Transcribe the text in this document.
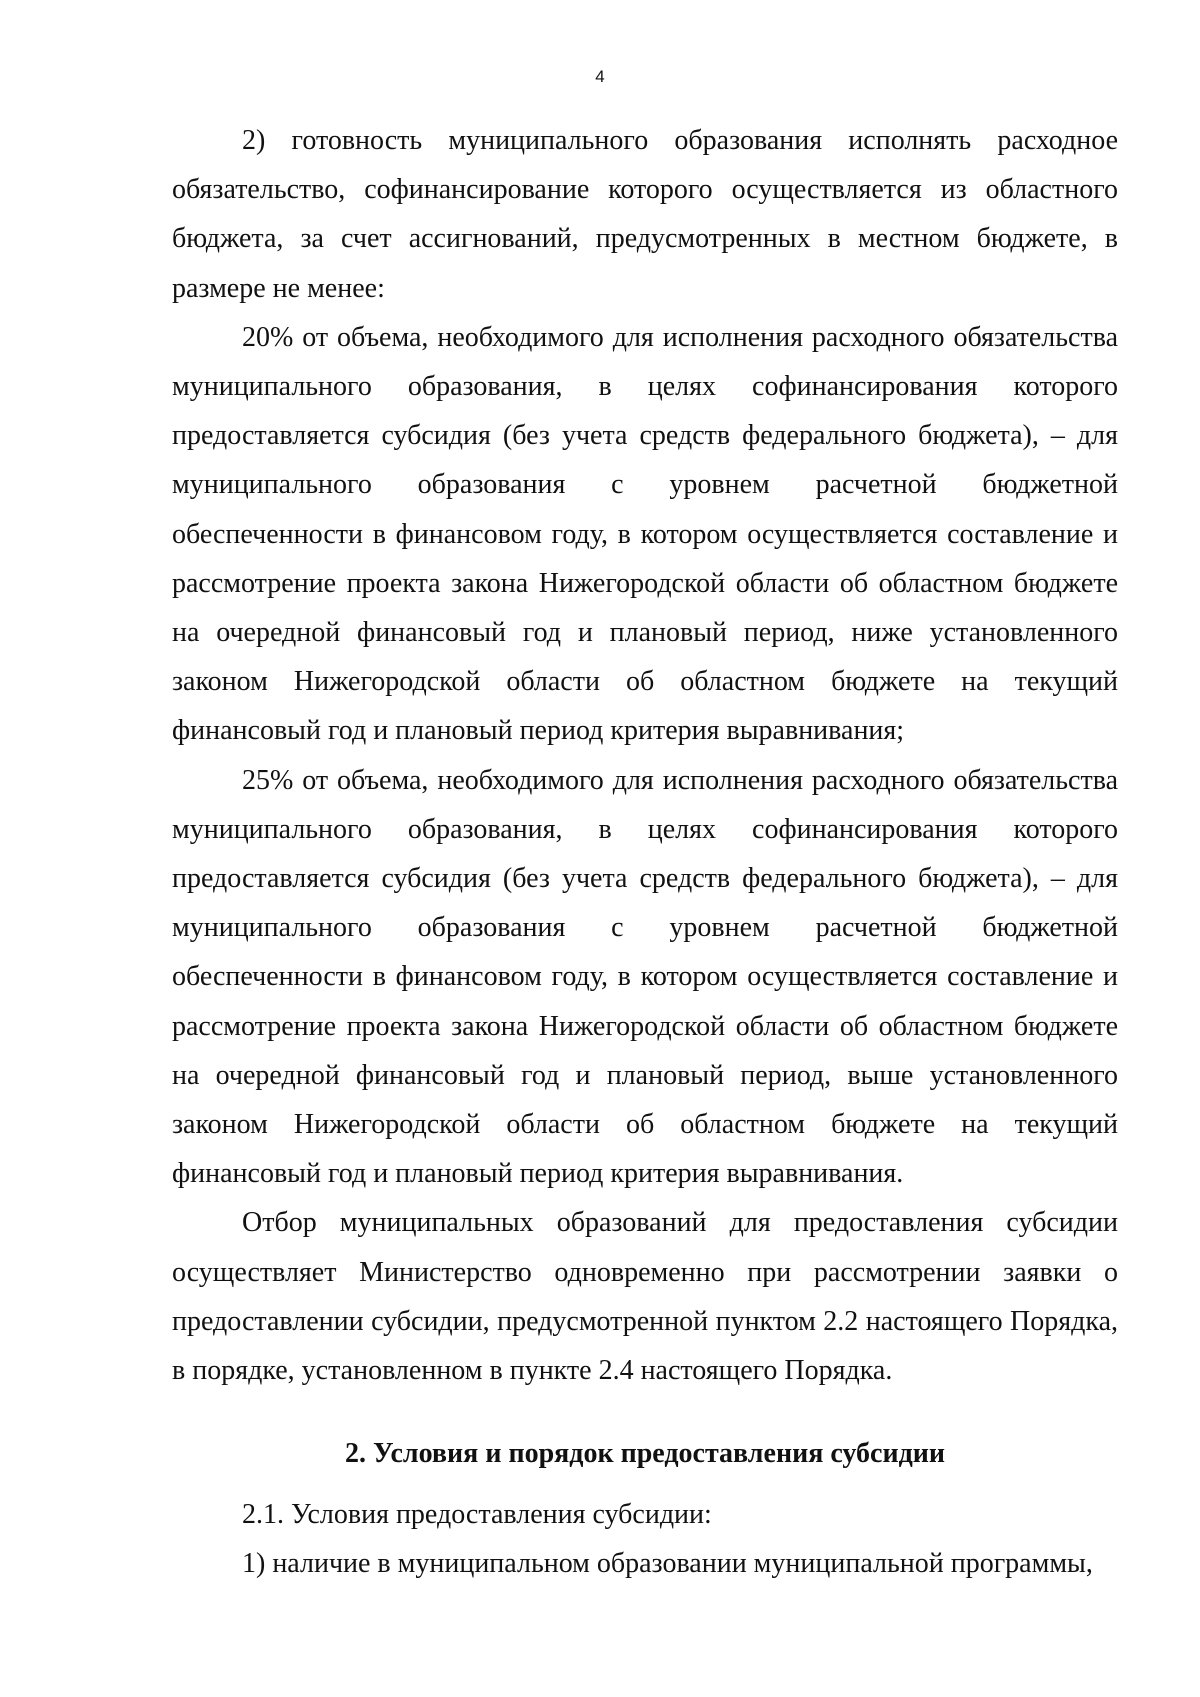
4

2) готовность муниципального образования исполнять расходное обязательство, софинансирование которого осуществляется из областного бюджета, за счет ассигнований, предусмотренных в местном бюджете, в размере не менее:

20% от объема, необходимого для исполнения расходного обязательства муниципального образования, в целях софинансирования которого предоставляется субсидия (без учета средств федерального бюджета), – для муниципального образования с уровнем расчетной бюджетной обеспеченности в финансовом году, в котором осуществляется составление и рассмотрение проекта закона Нижегородской области об областном бюджете на очередной финансовый год и плановый период, ниже установленного законом Нижегородской области об областном бюджете на текущий финансовый год и плановый период критерия выравнивания;

25% от объема, необходимого для исполнения расходного обязательства муниципального образования, в целях софинансирования которого предоставляется субсидия (без учета средств федерального бюджета), – для муниципального образования с уровнем расчетной бюджетной обеспеченности в финансовом году, в котором осуществляется составление и рассмотрение проекта закона Нижегородской области об областном бюджете на очередной финансовый год и плановый период, выше установленного законом Нижегородской области об областном бюджете на текущий финансовый год и плановый период критерия выравнивания.

Отбор муниципальных образований для предоставления субсидии осуществляет Министерство одновременно при рассмотрении заявки о предоставлении субсидии, предусмотренной пунктом 2.2 настоящего Порядка, в порядке, установленном в пункте 2.4 настоящего Порядка.

2. Условия и порядок предоставления субсидии

2.1. Условия предоставления субсидии:

1) наличие в муниципальном образовании муниципальной программы,
